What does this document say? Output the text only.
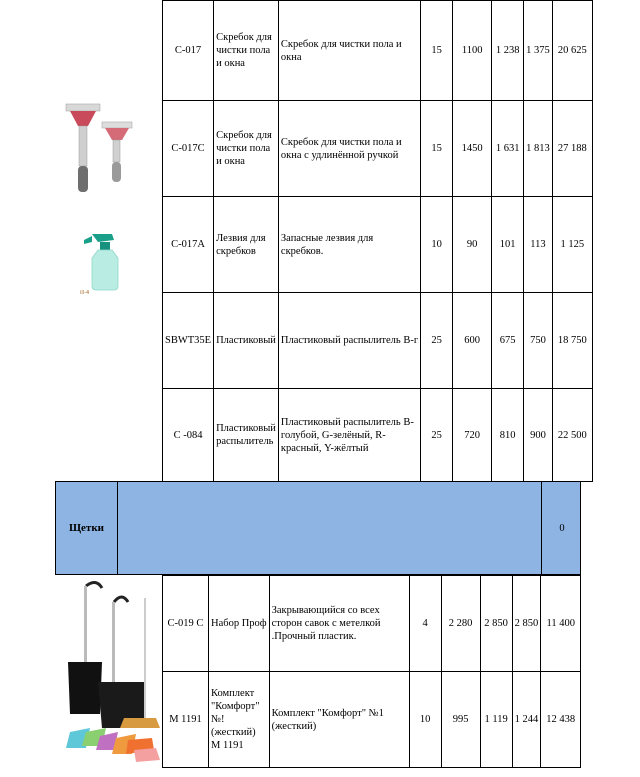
ill-4
C-017	Скребок для чистки пола и окна	Скребок для чистки пола и окна	15	1100	1 238	1 375	20 625
C-017C	Скребок для чистки пола и окна	Скребок для чистки пола и окна с удлинённой ручкой	15	1450	1 631	1 813	27 188
C-017A	Лезвия для скребков	Запасные лезвия для скребков.	10	90	101	113	1 125
SBWT35E	Пластиковый	Пластиковый распылитель B-г	25	600	675	750	18 750
C -084	Пластиковый распылитель	Пластиковый распылитель B-голубой, G-зелёный, R-красный, Y-жёлтый	25	720	810	900	22 500
Щетки	0
C-019 C	Набор Проф	Закрывающийся со всех сторон савок с метелкой .Прочный пластик.	4	2 280	2 850	2 850	11 400
M 1191	Комплект "Комфорт" №! (жесткий) M 1191	Комплект "Комфорт" №1 (жесткий)	10	995	1 119	1 244	12 438
